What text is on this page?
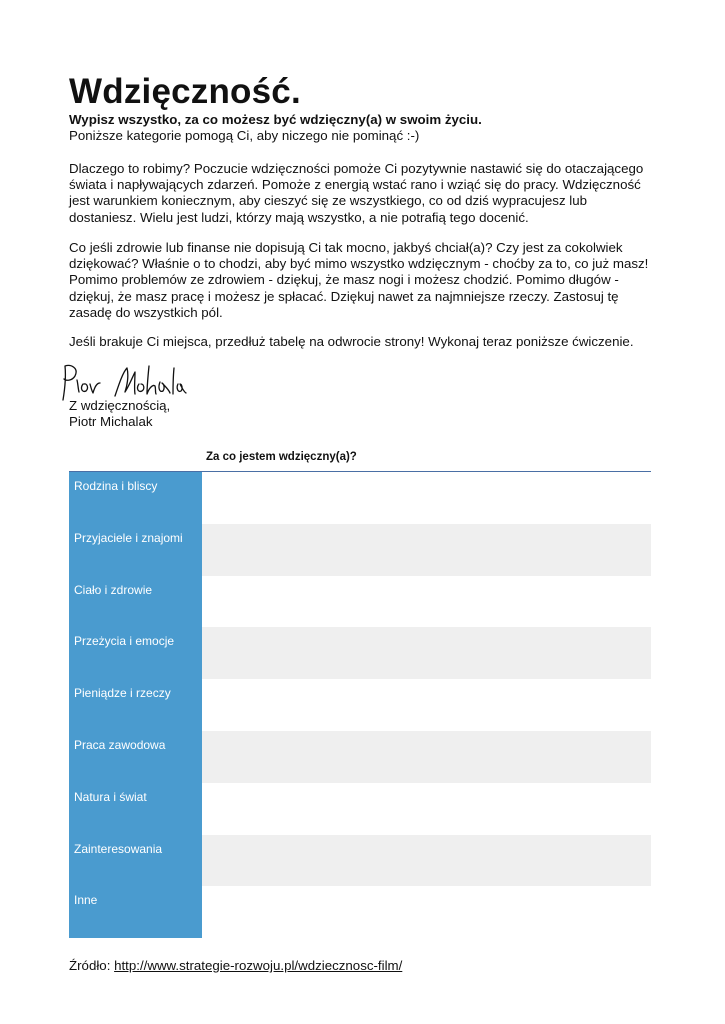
Wdzięczność.
Wypisz wszystko, za co możesz być wdzięczny(a) w swoim życiu.
Poniższe kategorie pomogą Ci, aby niczego nie pominąć :-)
Dlaczego to robimy? Poczucie wdzięczności pomoże Ci pozytywnie nastawić się do otaczającego
świata i napływających zdarzeń. Pomoże z energią wstać rano i wziąć się do pracy. Wdzięczność
jest warunkiem koniecznym, aby cieszyć się ze wszystkiego, co od dziś wypracujesz lub
dostaniesz. Wielu jest ludzi, którzy mają wszystko, a nie potrafią tego docenić.
Co jeśli zdrowie lub finanse nie dopisują Ci tak mocno, jakbyś chciał(a)? Czy jest za cokolwiek
dziękować? Właśnie o to chodzi, aby być mimo wszystko wdzięcznym - choćby za to, co już masz!
Pomimo problemów ze zdrowiem - dziękuj, że masz nogi i możesz chodzić. Pomimo długów -
dziękuj, że masz pracę i możesz je spłacać. Dziękuj nawet za najmniejsze rzeczy. Zastosuj tę
zasadę do wszystkich pól.
Jeśli brakuje Ci miejsca, przedłuż tabelę na odwrocie strony! Wykonaj teraz poniższe ćwiczenie.
Z wdzięcznością,
Piotr Michalak
Za co jestem wdzięczny(a)?
Rodzina i bliscy
Przyjaciele i znajomi
Ciało i zdrowie
Przeżycia i emocje
Pieniądze i rzeczy
Praca zawodowa
Natura i świat
Zainteresowania
Inne
Źródło: http://www.strategie-rozwoju.pl/wdziecznosc-film/
